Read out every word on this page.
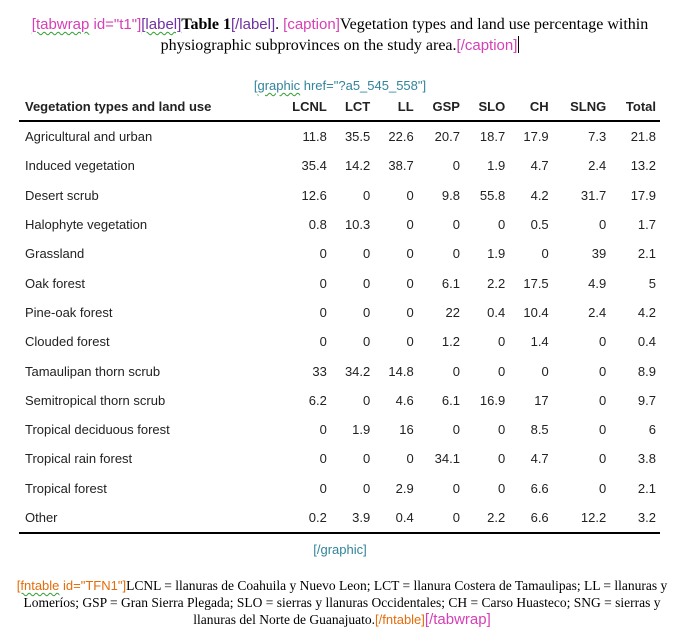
[tabwrap id="t1"][label]Table 1[/label]. [caption]Vegetation types and land use percentage within physiographic subprovinces on the study area.[/caption]
[graphic href="?a5_545_558"]
Vegetation types and land use	LCNL	LCT	LL	GSP	SLO	CH	SLNG	Total
Agricultural and urban	11.8	35.5	22.6	20.7	18.7	17.9	7.3	21.8
Induced vegetation	35.4	14.2	38.7	0	1.9	4.7	2.4	13.2
Desert scrub	12.6	0	0	9.8	55.8	4.2	31.7	17.9
Halophyte vegetation	0.8	10.3	0	0	0	0.5	0	1.7
Grassland	0	0	0	0	1.9	0	39	2.1
Oak forest	0	0	0	6.1	2.2	17.5	4.9	5
Pine-oak forest	0	0	0	22	0.4	10.4	2.4	4.2
Clouded forest	0	0	0	1.2	0	1.4	0	0.4
Tamaulipan thorn scrub	33	34.2	14.8	0	0	0	0	8.9
Semitropical thorn scrub	6.2	0	4.6	6.1	16.9	17	0	9.7
Tropical deciduous forest	0	1.9	16	0	0	8.5	0	6
Tropical rain forest	0	0	0	34.1	0	4.7	0	3.8
Tropical forest	0	0	2.9	0	0	6.6	0	2.1
Other	0.2	3.9	0.4	0	2.2	6.6	12.2	3.2
[/graphic]
[fntable id="TFN1"]LCNL = llanuras de Coahuila y Nuevo Leon; LCT = llanura Costera de Tamaulipas; LL = llanuras y Lomeríos; GSP = Gran Sierra Plegada; SLO = sierras y llanuras Occidentales; CH = Carso Huasteco; SNG = sierras y llanuras del Norte de Guanajuato.[/fntable][/tabwrap]
